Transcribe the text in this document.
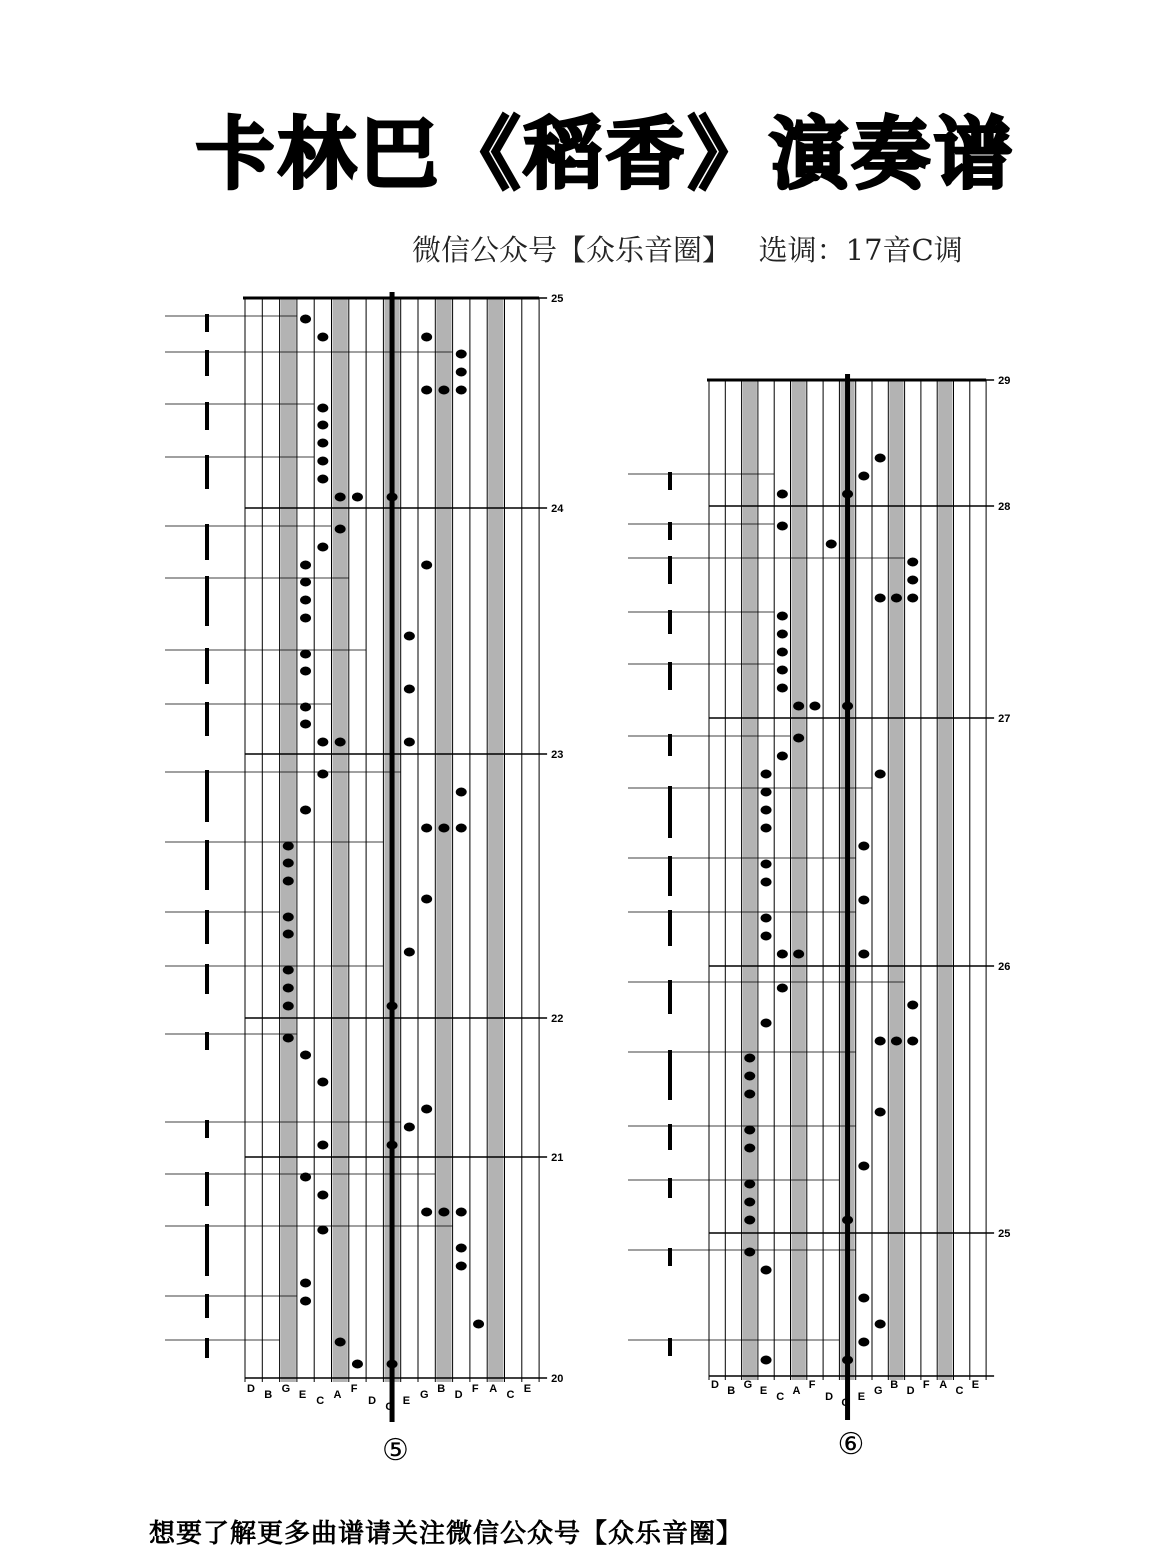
卡林巴《稻香》演奏谱
微信公众号【众乐音圈】   选调：17音C调
想要了解更多曲谱请关注微信公众号【众乐音圈】
25
24
23
22
21
20
D B G E C A F
D C E G B D F A C E
⑤
29
28
27
26
25
D B G E C A F
D C E G B D F A C E
⑥
